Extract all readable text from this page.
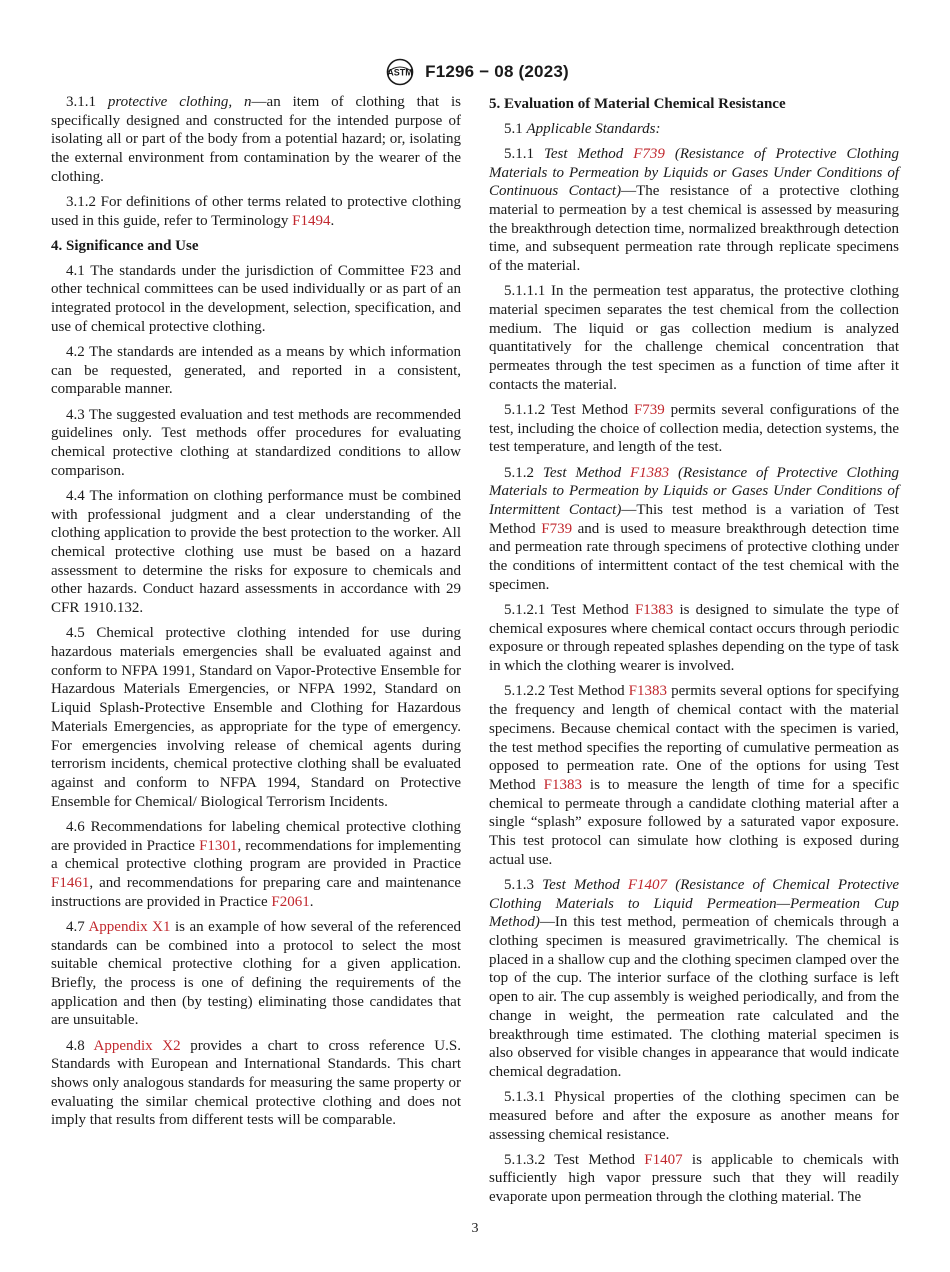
ASTM F1296 − 08 (2023)

3.1.1 protective clothing, n—an item of clothing that is specifically designed and constructed for the intended purpose of isolating all or part of the body from a potential hazard; or, isolating the external environment from contamination by the wearer of the clothing.

3.1.2 For definitions of other terms related to protective clothing used in this guide, refer to Terminology F1494.

4. Significance and Use

4.1 The standards under the jurisdiction of Committee F23 and other technical committees can be used individually or as part of an integrated protocol in the development, selection, specification, and use of chemical protective clothing.

4.2 The standards are intended as a means by which information can be requested, generated, and reported in a consistent, comparable manner.

4.3 The suggested evaluation and test methods are recommended guidelines only. Test methods offer procedures for evaluating chemical protective clothing at standardized conditions to allow comparison.

4.4 The information on clothing performance must be combined with professional judgment and a clear understanding of the clothing application to provide the best protection to the worker. All chemical protective clothing use must be based on a hazard assessment to determine the risks for exposure to chemicals and other hazards. Conduct hazard assessments in accordance with 29 CFR 1910.132.

4.5 Chemical protective clothing intended for use during hazardous materials emergencies shall be evaluated against and conform to NFPA 1991, Standard on Vapor-Protective Ensemble for Hazardous Materials Emergencies, or NFPA 1992, Standard on Liquid Splash-Protective Ensemble and Clothing for Hazardous Materials Emergencies, as appropriate for the type of emergency. For emergencies involving release of chemical agents during terrorism incidents, chemical protective clothing shall be evaluated against and conform to NFPA 1994, Standard on Protective Ensemble for Chemical/ Biological Terrorism Incidents.

4.6 Recommendations for labeling chemical protective clothing are provided in Practice F1301, recommendations for implementing a chemical protective clothing program are provided in Practice F1461, and recommendations for preparing care and maintenance instructions are provided in Practice F2061.

4.7 Appendix X1 is an example of how several of the referenced standards can be combined into a protocol to select the most suitable chemical protective clothing for a given application. Briefly, the process is one of defining the requirements of the application and then (by testing) eliminating those candidates that are unsuitable.

4.8 Appendix X2 provides a chart to cross reference U.S. Standards with European and International Standards. This chart shows only analogous standards for measuring the same property or evaluating the similar chemical protective clothing and does not imply that results from different tests will be comparable.

5. Evaluation of Material Chemical Resistance

5.1 Applicable Standards:

5.1.1 Test Method F739 (Resistance of Protective Clothing Materials to Permeation by Liquids or Gases Under Conditions of Continuous Contact)—The resistance of a protective clothing material to permeation by a test chemical is assessed by measuring the breakthrough detection time, normalized breakthrough detection time, and subsequent permeation rate through replicate specimens of the material.

5.1.1.1 In the permeation test apparatus, the protective clothing material specimen separates the test chemical from the collection medium. The liquid or gas collection medium is analyzed quantitatively for the challenge chemical concentration that permeates through the test specimen as a function of time after it contacts the material.

5.1.1.2 Test Method F739 permits several configurations of the test, including the choice of collection media, detection systems, the test temperature, and length of the test.

5.1.2 Test Method F1383 (Resistance of Protective Clothing Materials to Permeation by Liquids or Gases Under Conditions of Intermittent Contact)—This test method is a variation of Test Method F739 and is used to measure breakthrough detection time and permeation rate through specimens of protective clothing under the conditions of intermittent contact of the test chemical with the specimen.

5.1.2.1 Test Method F1383 is designed to simulate the type of chemical exposures where chemical contact occurs through periodic exposure or through repeated splashes depending on the type of task in which the clothing wearer is involved.

5.1.2.2 Test Method F1383 permits several options for specifying the frequency and length of chemical contact with the material specimens. Because chemical contact with the specimen is varied, the test method specifies the reporting of cumulative permeation as opposed to permeation rate. One of the options for using Test Method F1383 is to measure the length of time for a specific chemical to permeate through a candidate clothing material after a single “splash” exposure followed by a saturated vapor exposure. This test protocol can simulate how clothing is exposed during actual use.

5.1.3 Test Method F1407 (Resistance of Chemical Protective Clothing Materials to Liquid Permeation—Permeation Cup Method)—In this test method, permeation of chemicals through a clothing specimen is measured gravimetrically. The chemical is placed in a shallow cup and the clothing specimen clamped over the top of the cup. The interior surface of the clothing surface is left open to air. The cup assembly is weighed periodically, and from the change in weight, the permeation rate calculated and the breakthrough time estimated. The clothing material specimen is also observed for visible changes in appearance that would indicate chemical degradation.

5.1.3.1 Physical properties of the clothing specimen can be measured before and after the exposure as another means for assessing chemical resistance.

5.1.3.2 Test Method F1407 is applicable to chemicals with sufficiently high vapor pressure such that they will readily evaporate upon permeation through the clothing material. The

3
